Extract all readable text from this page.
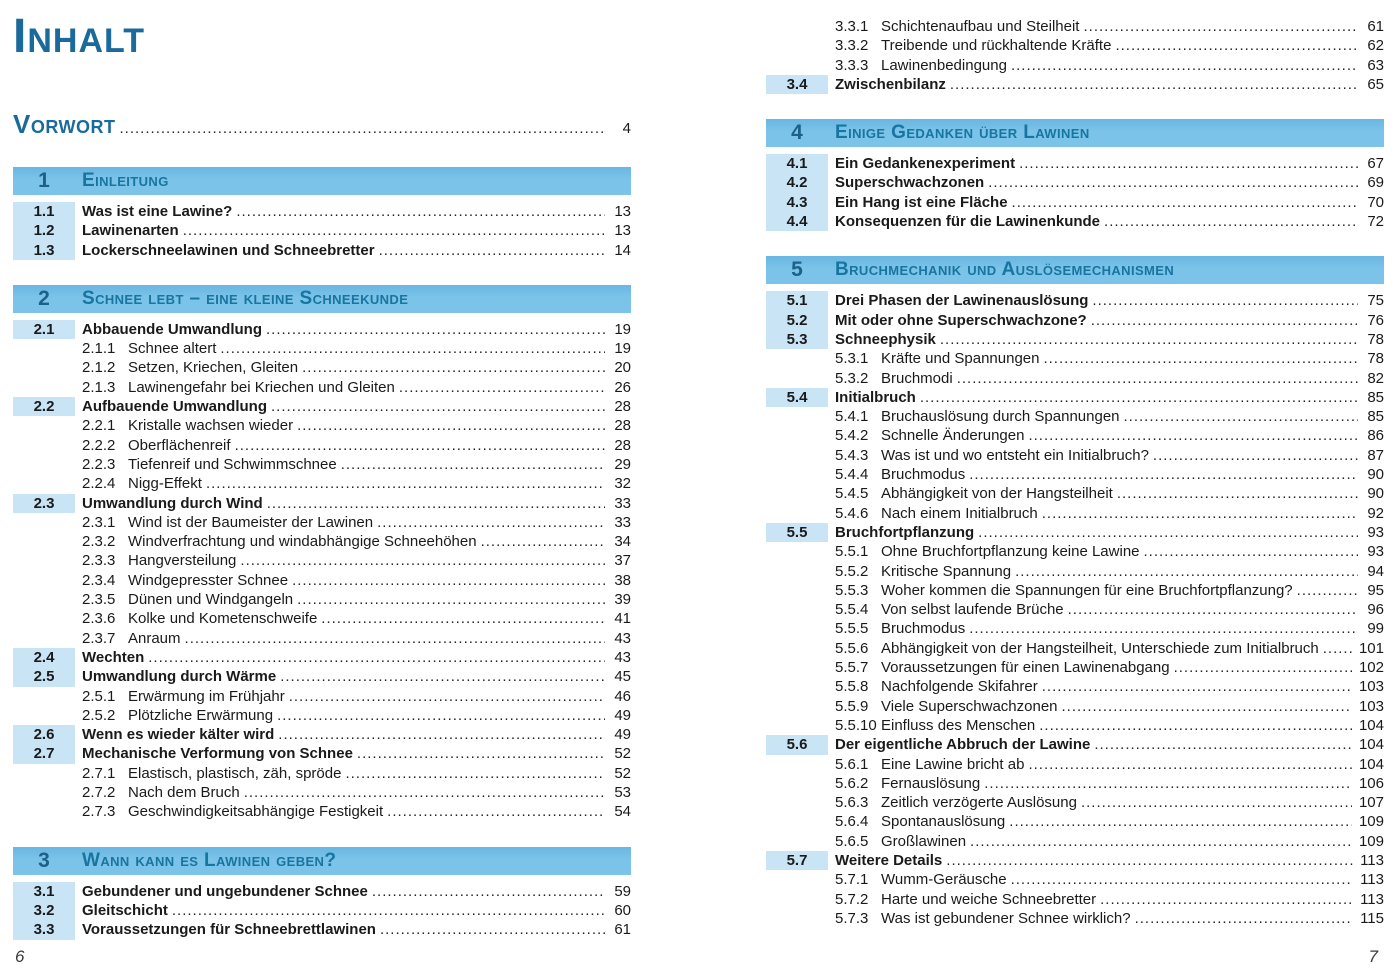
Inhalt
Vorwort .....	4
1	Einleitung
1.1	Was ist eine Lawine? .....	13
1.2	Lawinenarten .....	13
1.3	Lockerschneelawinen und Schneebretter .....	14
2	Schnee lebt – eine kleine Schneekunde
2.1	Abbauende Umwandlung .....	19
2.1.1 Schnee altert .....	19
2.1.2 Setzen, Kriechen, Gleiten .....	20
2.1.3 Lawinengefahr bei Kriechen und Gleiten .....	26
2.2	Aufbauende Umwandlung .....	28
2.2.1 Kristalle wachsen wieder .....	28
2.2.2 Oberflächenreif .....	28
2.2.3 Tiefenreif und Schwimmschnee .....	29
2.2.4 Nigg-Effekt .....	32
2.3	Umwandlung durch Wind .....	33
2.3.1 Wind ist der Baumeister der Lawinen .....	33
2.3.2 Windverfrachtung und windabhängige Schneehöhen .....	34
2.3.3 Hangversteilung .....	37
2.3.4 Windgepresster Schnee .....	38
2.3.5 Dünen und Windgangeln .....	39
2.3.6 Kolke und Kometenschweife .....	41
2.3.7 Anraum .....	43
2.4	Wechten .....	43
2.5	Umwandlung durch Wärme .....	45
2.5.1 Erwärmung im Frühjahr .....	46
2.5.2 Plötzliche Erwärmung .....	49
2.6	Wenn es wieder kälter wird .....	49
2.7	Mechanische Verformung von Schnee .....	52
2.7.1 Elastisch, plastisch, zäh, spröde .....	52
2.7.2 Nach dem Bruch .....	53
2.7.3 Geschwindigkeitsabhängige Festigkeit .....	54
3	Wann kann es Lawinen geben?
3.1	Gebundener und ungebundener Schnee .....	59
3.2	Gleitschicht .....	60
3.3	Voraussetzungen für Schneebrettlawinen .....	61
3.3.1 Schichtenaufbau und Steilheit .....	61
3.3.2 Treibende und rückhaltende Kräfte .....	62
3.3.3 Lawinenbedingung .....	63
3.4	Zwischenbilanz .....	65
4	Einige Gedanken über Lawinen
4.1	Ein Gedankenexperiment .....	67
4.2	Superschwachzonen .....	69
4.3	Ein Hang ist eine Fläche .....	70
4.4	Konsequenzen für die Lawinenkunde .....	72
5	Bruchmechanik und Auslösemechanismen
5.1	Drei Phasen der Lawinenauslösung .....	75
5.2	Mit oder ohne Superschwachzone? .....	76
5.3	Schneephysik .....	78
5.3.1 Kräfte und Spannungen .....	78
5.3.2 Bruchmodi .....	82
5.4	Initialbruch .....	85
5.4.1 Bruchauslösung durch Spannungen .....	85
5.4.2 Schnelle Änderungen .....	86
5.4.3 Was ist und wo entsteht ein Initialbruch? .....	87
5.4.4 Bruchmodus .....	90
5.4.5 Abhängigkeit von der Hangsteilheit .....	90
5.4.6 Nach einem Initialbruch .....	92
5.5	Bruchfortpflanzung .....	93
5.5.1 Ohne Bruchfortpflanzung keine Lawine .....	93
5.5.2 Kritische Spannung .....	94
5.5.3 Woher kommen die Spannungen für eine Bruchfortpflanzung? .....	95
5.5.4 Von selbst laufende Brüche .....	96
5.5.5 Bruchmodus .....	99
5.5.6 Abhängigkeit von der Hangsteilheit, Unterschiede zum Initialbruch .....	101
5.5.7 Voraussetzungen für einen Lawinenabgang .....	102
5.5.8 Nachfolgende Skifahrer .....	103
5.5.9 Viele Superschwachzonen .....	103
5.5.10 Einfluss des Menschen .....	104
5.6	Der eigentliche Abbruch der Lawine .....	104
5.6.1 Eine Lawine bricht ab .....	104
5.6.2 Fernauslösung .....	106
5.6.3 Zeitlich verzögerte Auslösung .....	107
5.6.4 Spontanauslösung .....	109
5.6.5 Großlawinen .....	109
5.7	Weitere Details .....	113
5.7.1 Wumm-Geräusche .....	113
5.7.2 Harte und weiche Schneebretter .....	113
5.7.3 Was ist gebundener Schnee wirklich? .....	115
6	7
